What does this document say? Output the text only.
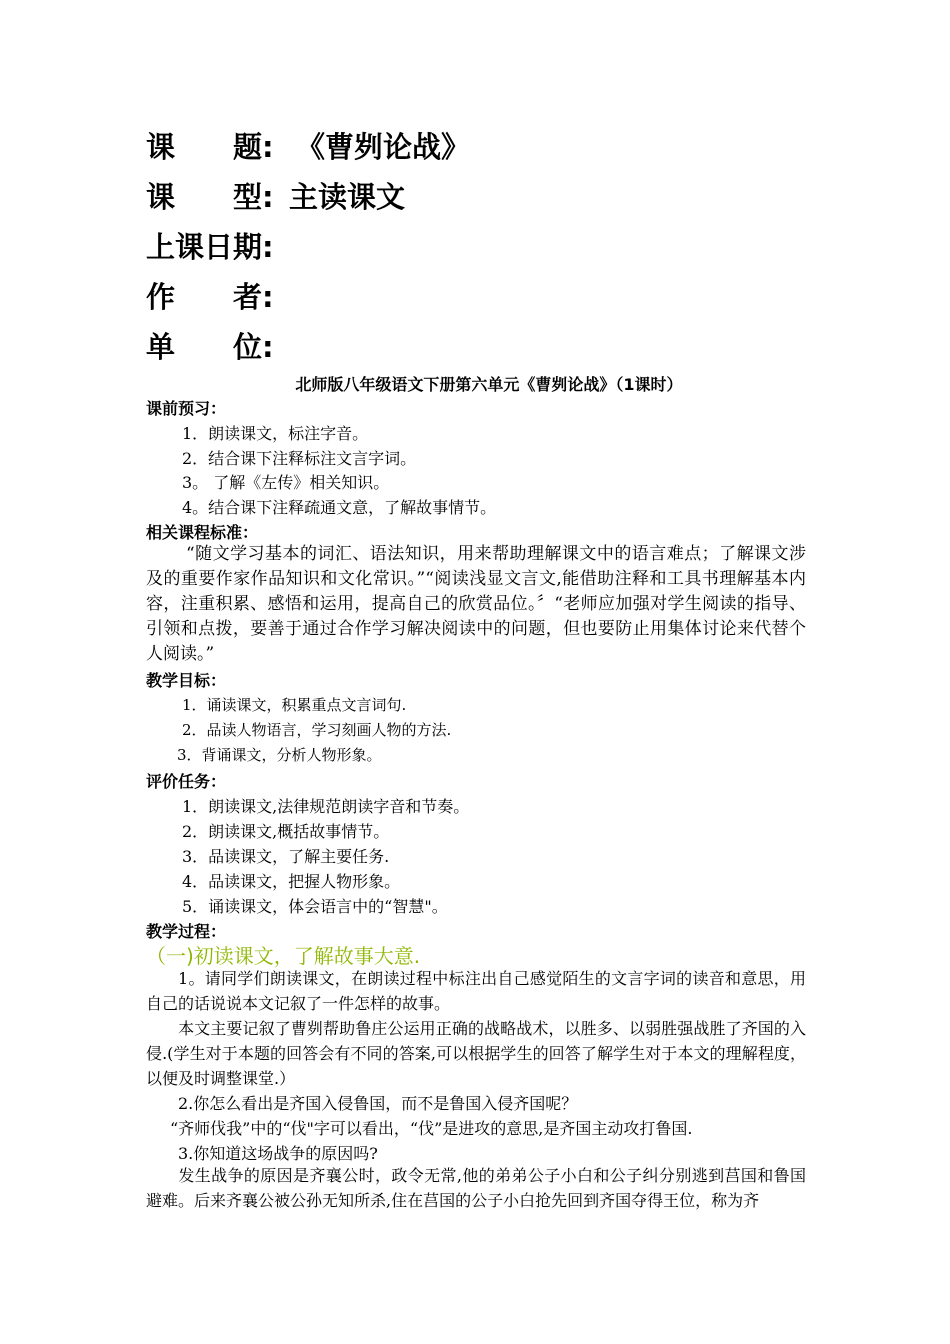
课　　题: 《曹刿论战》
课　　型: 主读课文
上课日期:
作　　者:
单　　位:
北师版八年级语文下册第六单元《曹刿论战》（1课时）
课前预习：
1．朗读课文，标注字音。
2．结合课下注释标注文言字词。
3。 了解《左传》相关知识。
4。结合课下注释疏通文意，了解故事情节。
相关课程标准：
“随文学习基本的词汇、语法知识，用来帮助理解课文中的语言难点；了解课文涉及的重要作家作品知识和文化常识。”“阅读浅显文言文,能借助注释和工具书理解基本内容，注重积累、感悟和运用，提高自己的欣赏品位。〞“老师应加强对学生阅读的指导、引领和点拨，要善于通过合作学习解决阅读中的问题，但也要防止用集体讨论来代替个人阅读。”
教学目标：
1．诵读课文，积累重点文言词句.
2．品读人物语言，学习刻画人物的方法.
3．背诵课文，分析人物形象。
评价任务：
1．朗读课文,法律规范朗读字音和节奏。
2．朗读课文,概括故事情节。
3．品读课文，了解主要任务.
4．品读课文，把握人物形象。
5．诵读课文，体会语言中的“智慧"。
教学过程：
（一)初读课文，了解故事大意.
1。请同学们朗读课文，在朗读过程中标注出自己感觉陌生的文言字词的读音和意思，用自己的话说说本文记叙了一件怎样的故事。
本文主要记叙了曹刿帮助鲁庄公运用正确的战略战术，以胜多、以弱胜强战胜了齐国的入侵.(学生对于本题的回答会有不同的答案,可以根据学生的回答了解学生对于本文的理解程度，以便及时调整课堂.）
2.你怎么看出是齐国入侵鲁国，而不是鲁国入侵齐国呢？
“齐师伐我”中的“伐"字可以看出，“伐”是进攻的意思,是齐国主动攻打鲁国.
3.你知道这场战争的原因吗?
发生战争的原因是齐襄公时，政令无常,他的弟弟公子小白和公子纠分别逃到莒国和鲁国避难。后来齐襄公被公孙无知所杀,住在莒国的公子小白抢先回到齐国夺得王位，称为齐
